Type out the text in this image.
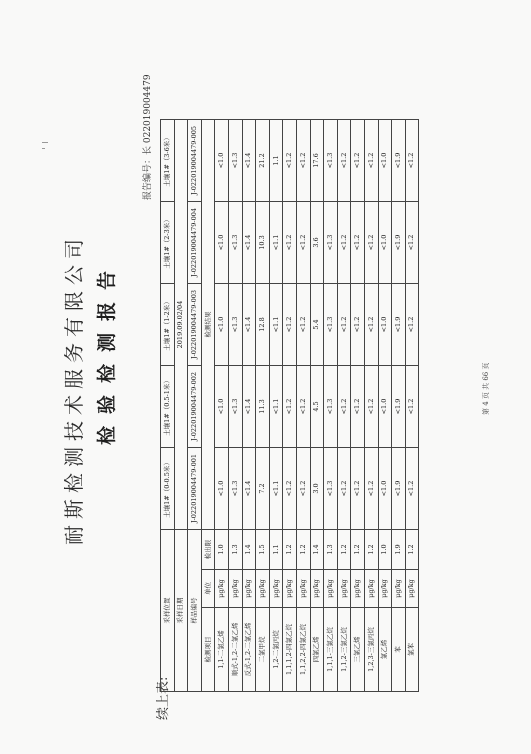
耐斯检测技术服务有限公司 检验检测报告
续上表:
报告编号：长 022019004479
采样位置			土壤1#（0-0.5米）	土壤1#（0.5-1米）	土壤1#（1-2米）	土壤1#（2-3米）	土壤1#（3-6米）
采样日期			2019.09.02/04				
样品编号			J-022019004479-001	J-022019004479-002	J-022019004479-003	J-022019004479-004	J-022019004479-005
检测项目	单位	检出限	检测结果				
1,1-二氯乙烯	μg/kg	1.0	<1.0	<1.0	<1.0	<1.0	<1.0
顺式-1,2-二氯乙烯	μg/kg	1.3	<1.3	<1.3	<1.3	<1.3	<1.3
反式-1,2-二氯乙烯	μg/kg	1.4	<1.4	<1.4	<1.4	<1.4	<1.4
二氯甲烷	μg/kg	1.5	7.2	11.3	12.8	10.3	21.2
1,2-二氯丙烷	μg/kg	1.1	<1.1	<1.1	<1.1	<1.1	1.1
1,1,1,2-四氯乙烷	μg/kg	1.2	<1.2	<1.2	<1.2	<1.2	<1.2
1,1,2,2-四氯乙烷	μg/kg	1.2	<1.2	<1.2	<1.2	<1.2	<1.2
四氯乙烯	μg/kg	1.4	3.0	4.5	5.4	3.6	17.6
1,1,1-三氯乙烷	μg/kg	1.3	<1.3	<1.3	<1.3	<1.3	<1.3
1,1,2-三氯乙烷	μg/kg	1.2	<1.2	<1.2	<1.2	<1.2	<1.2
三氯乙烯	μg/kg	1.2	<1.2	<1.2	<1.2	<1.2	<1.2
1,2,3-三氯丙烷	μg/kg	1.2	<1.2	<1.2	<1.2	<1.2	<1.2
氯乙烯	μg/kg	1.0	<1.0	<1.0	<1.0	<1.0	<1.0
苯	μg/kg	1.9	<1.9	<1.9	<1.9	<1.9	<1.9
氯苯	μg/kg	1.2	<1.2	<1.2	<1.2	<1.2	<1.2
第 4 页 共 66 页
